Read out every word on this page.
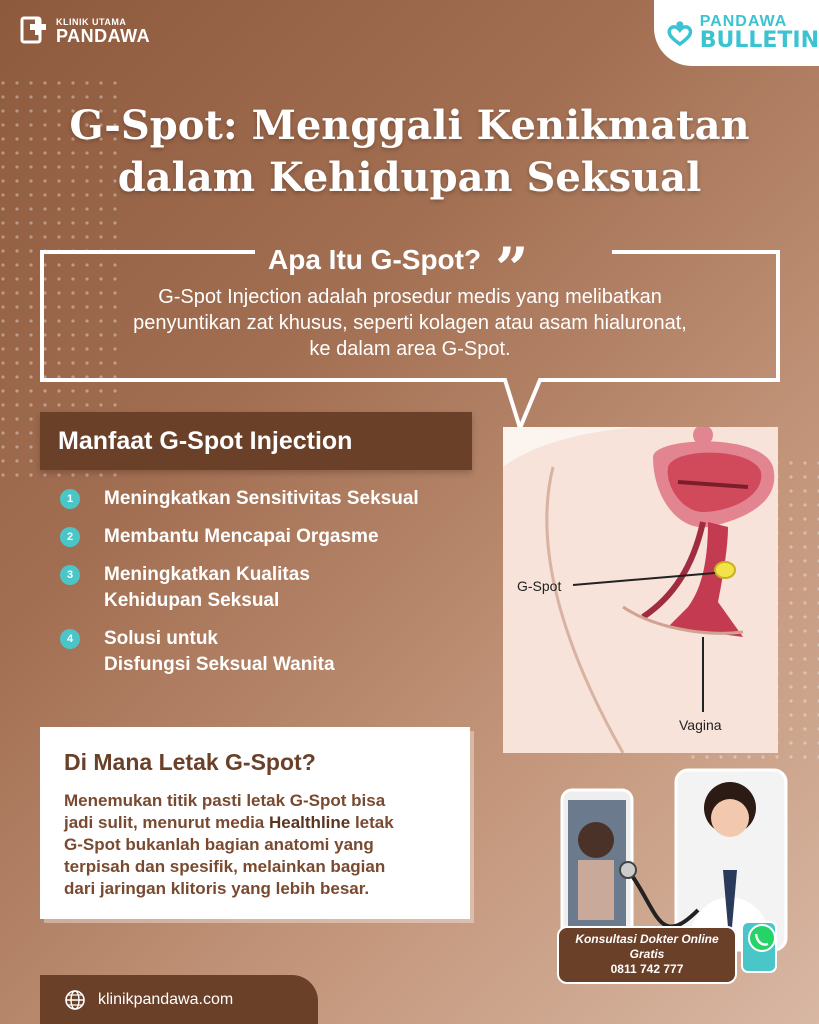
KLINIK UTAMA
PANDAWA
PANDAWA
BULLETIN
G-Spot: Menggali Kenikmatan
dalam Kehidupan Seksual
Apa Itu G-Spot? ”
G-Spot Injection adalah prosedur medis yang melibatkan
penyuntikan zat khusus, seperti kolagen atau asam hialuronat,
ke dalam area G-Spot.
Manfaat G-Spot Injection
1	Meningkatkan Sensitivitas Seksual
2	Membantu Mencapai Orgasme
3	Meningkatkan Kualitas
Kehidupan Seksual
4	Solusi untuk
Disfungsi Seksual Wanita
G-Spot
Vagina
Di Mana Letak G-Spot?
Menemukan titik pasti letak G-Spot bisa
jadi sulit, menurut media Healthline letak
G-Spot bukanlah bagian anatomi yang
terpisah dan spesifik, melainkan bagian
dari jaringan klitoris yang lebih besar.
Konsultasi Dokter Online
Gratis
0811 742 777
klinikpandawa.com
